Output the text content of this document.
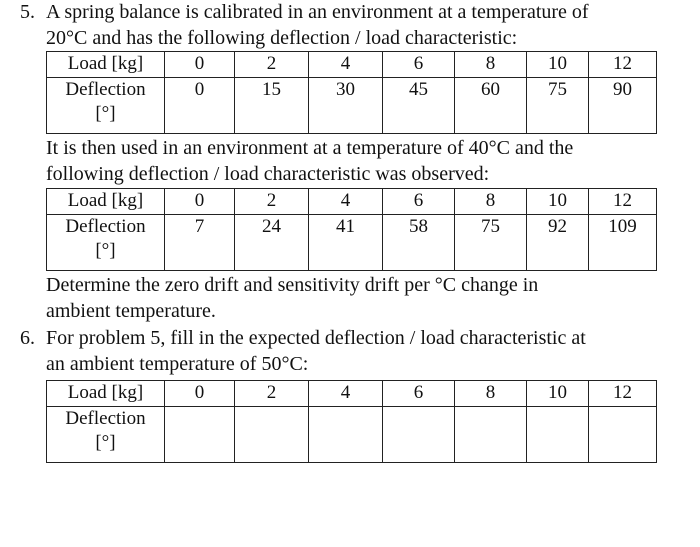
5. A spring balance is calibrated in an environment at a temperature of
20°C and has the following deflection / load characteristic:
Load [kg]	0	2	4	6	8	10	12

Deflection
[°]	0	15	30	45	60	75	90
It is then used in an environment at a temperature of 40°C and the
following deflection / load characteristic was observed:
Load [kg]	0	2	4	6	8	10	12

Deflection
[°]	7	24	41	58	75	92	109
Determine the zero drift and sensitivity drift per °C change in
ambient temperature.
6. For problem 5, fill in the expected deflection / load characteristic at
an ambient temperature of 50°C:
Load [kg]	0	2	4	6	8	10	12

Deflection
[°]							
